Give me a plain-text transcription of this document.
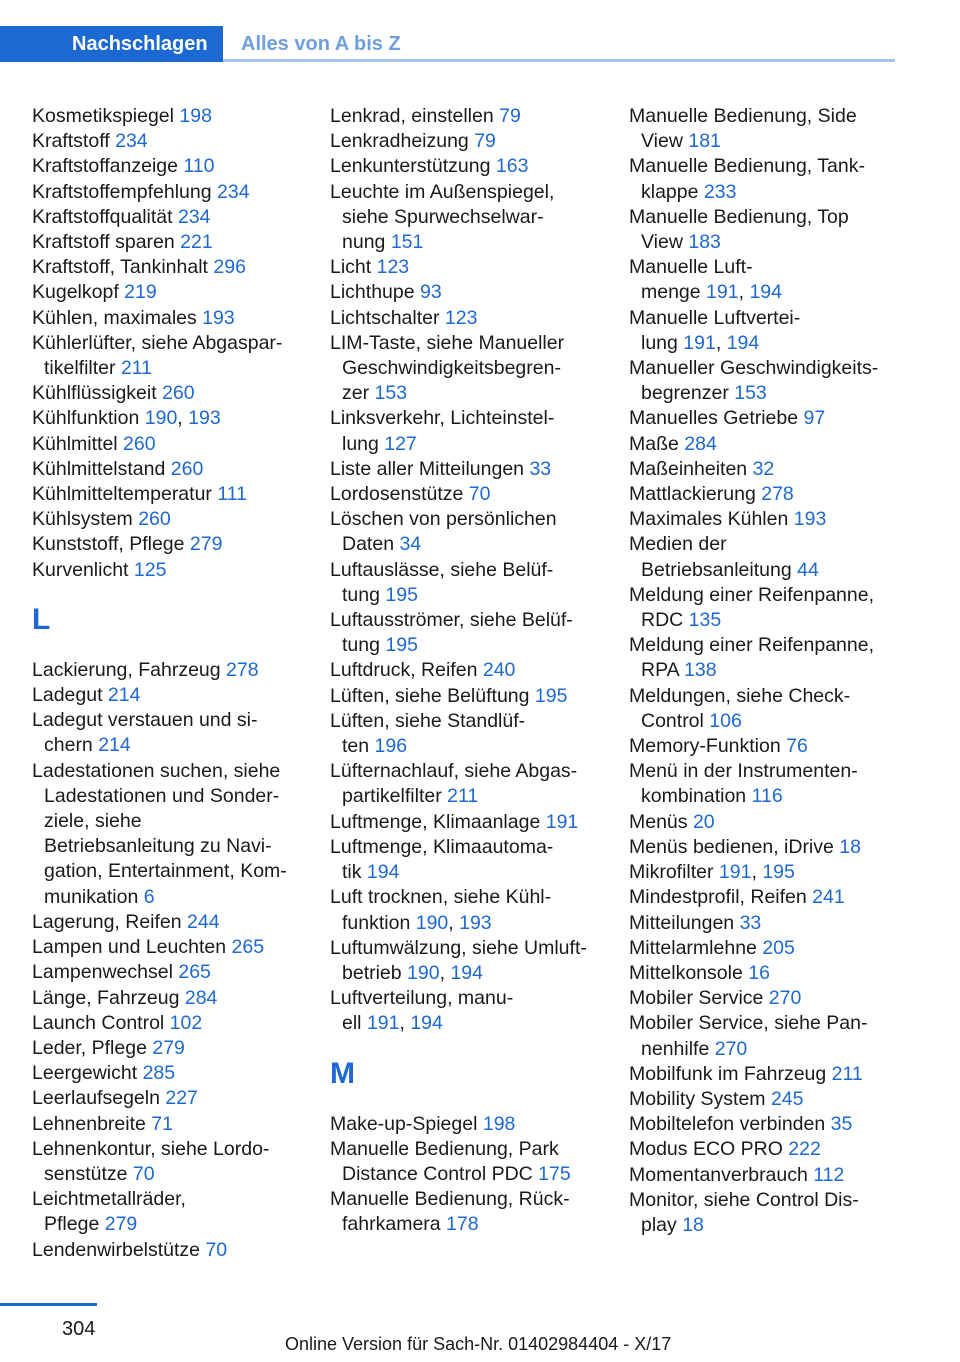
Nachschlagen	Alles von A bis Z
Kosmetikspiegel 198
Kraftstoff 234
Kraftstoffanzeige 110
Kraftstoffempfehlung 234
Kraftstoffqualität 234
Kraftstoff sparen 221
Kraftstoff, Tankinhalt 296
Kugelkopf 219
Kühlen, maximales 193
Kühlerlüfter, siehe Abgaspar-
tikelfilter 211
Kühlflüssigkeit 260
Kühlfunktion 190, 193
Kühlmittel 260
Kühlmittelstand 260
Kühlmitteltemperatur 111
Kühlsystem 260
Kunststoff, Pflege 279
Kurvenlicht 125
L
Lackierung, Fahrzeug 278
Ladegut 214
Ladegut verstauen und si-
chern 214
Ladestationen suchen, siehe
Ladestationen und Sonder-
ziele, siehe
Betriebsanleitung zu Navi-
gation, Entertainment, Kom-
munikation 6
Lagerung, Reifen 244
Lampen und Leuchten 265
Lampenwechsel 265
Länge, Fahrzeug 284
Launch Control 102
Leder, Pflege 279
Leergewicht 285
Leerlaufsegeln 227
Lehnenbreite 71
Lehnenkontur, siehe Lordo-
senstütze 70
Leichtmetallräder,
Pflege 279
Lendenwirbelstütze 70
Lenkrad, einstellen 79
Lenkradheizung 79
Lenkunterstützung 163
Leuchte im Außenspiegel,
siehe Spurwechselwar-
nung 151
Licht 123
Lichthupe 93
Lichtschalter 123
LIM-Taste, siehe Manueller
Geschwindigkeitsbegren-
zer 153
Linksverkehr, Lichteinstel-
lung 127
Liste aller Mitteilungen 33
Lordosenstütze 70
Löschen von persönlichen
Daten 34
Luftauslässe, siehe Belüf-
tung 195
Luftausströmer, siehe Belüf-
tung 195
Luftdruck, Reifen 240
Lüften, siehe Belüftung 195
Lüften, siehe Standlüf-
ten 196
Lüfternachlauf, siehe Abgas-
partikelfilter 211
Luftmenge, Klimaanlage 191
Luftmenge, Klimaautoma-
tik 194
Luft trocknen, siehe Kühl-
funktion 190, 193
Luftumwälzung, siehe Umluft-
betrieb 190, 194
Luftverteilung, manu-
ell 191, 194
M
Make-up-Spiegel 198
Manuelle Bedienung, Park
Distance Control PDC 175
Manuelle Bedienung, Rück-
fahrkamera 178
Manuelle Bedienung, Side
View 181
Manuelle Bedienung, Tank-
klappe 233
Manuelle Bedienung, Top
View 183
Manuelle Luft-
menge 191, 194
Manuelle Luftvertei-
lung 191, 194
Manueller Geschwindigkeits-
begrenzer 153
Manuelles Getriebe 97
Maße 284
Maßeinheiten 32
Mattlackierung 278
Maximales Kühlen 193
Medien der
Betriebsanleitung 44
Meldung einer Reifenpanne,
RDC 135
Meldung einer Reifenpanne,
RPA 138
Meldungen, siehe Check-
Control 106
Memory-Funktion 76
Menü in der Instrumenten-
kombination 116
Menüs 20
Menüs bedienen, iDrive 18
Mikrofilter 191, 195
Mindestprofil, Reifen 241
Mitteilungen 33
Mittelarmlehne 205
Mittelkonsole 16
Mobiler Service 270
Mobiler Service, siehe Pan-
nenhilfe 270
Mobilfunk im Fahrzeug 211
Mobility System 245
Mobiltelefon verbinden 35
Modus ECO PRO 222
Momentanverbrauch 112
Monitor, siehe Control Dis-
play 18
304
Online Version für Sach-Nr. 01402984404 - X/17
